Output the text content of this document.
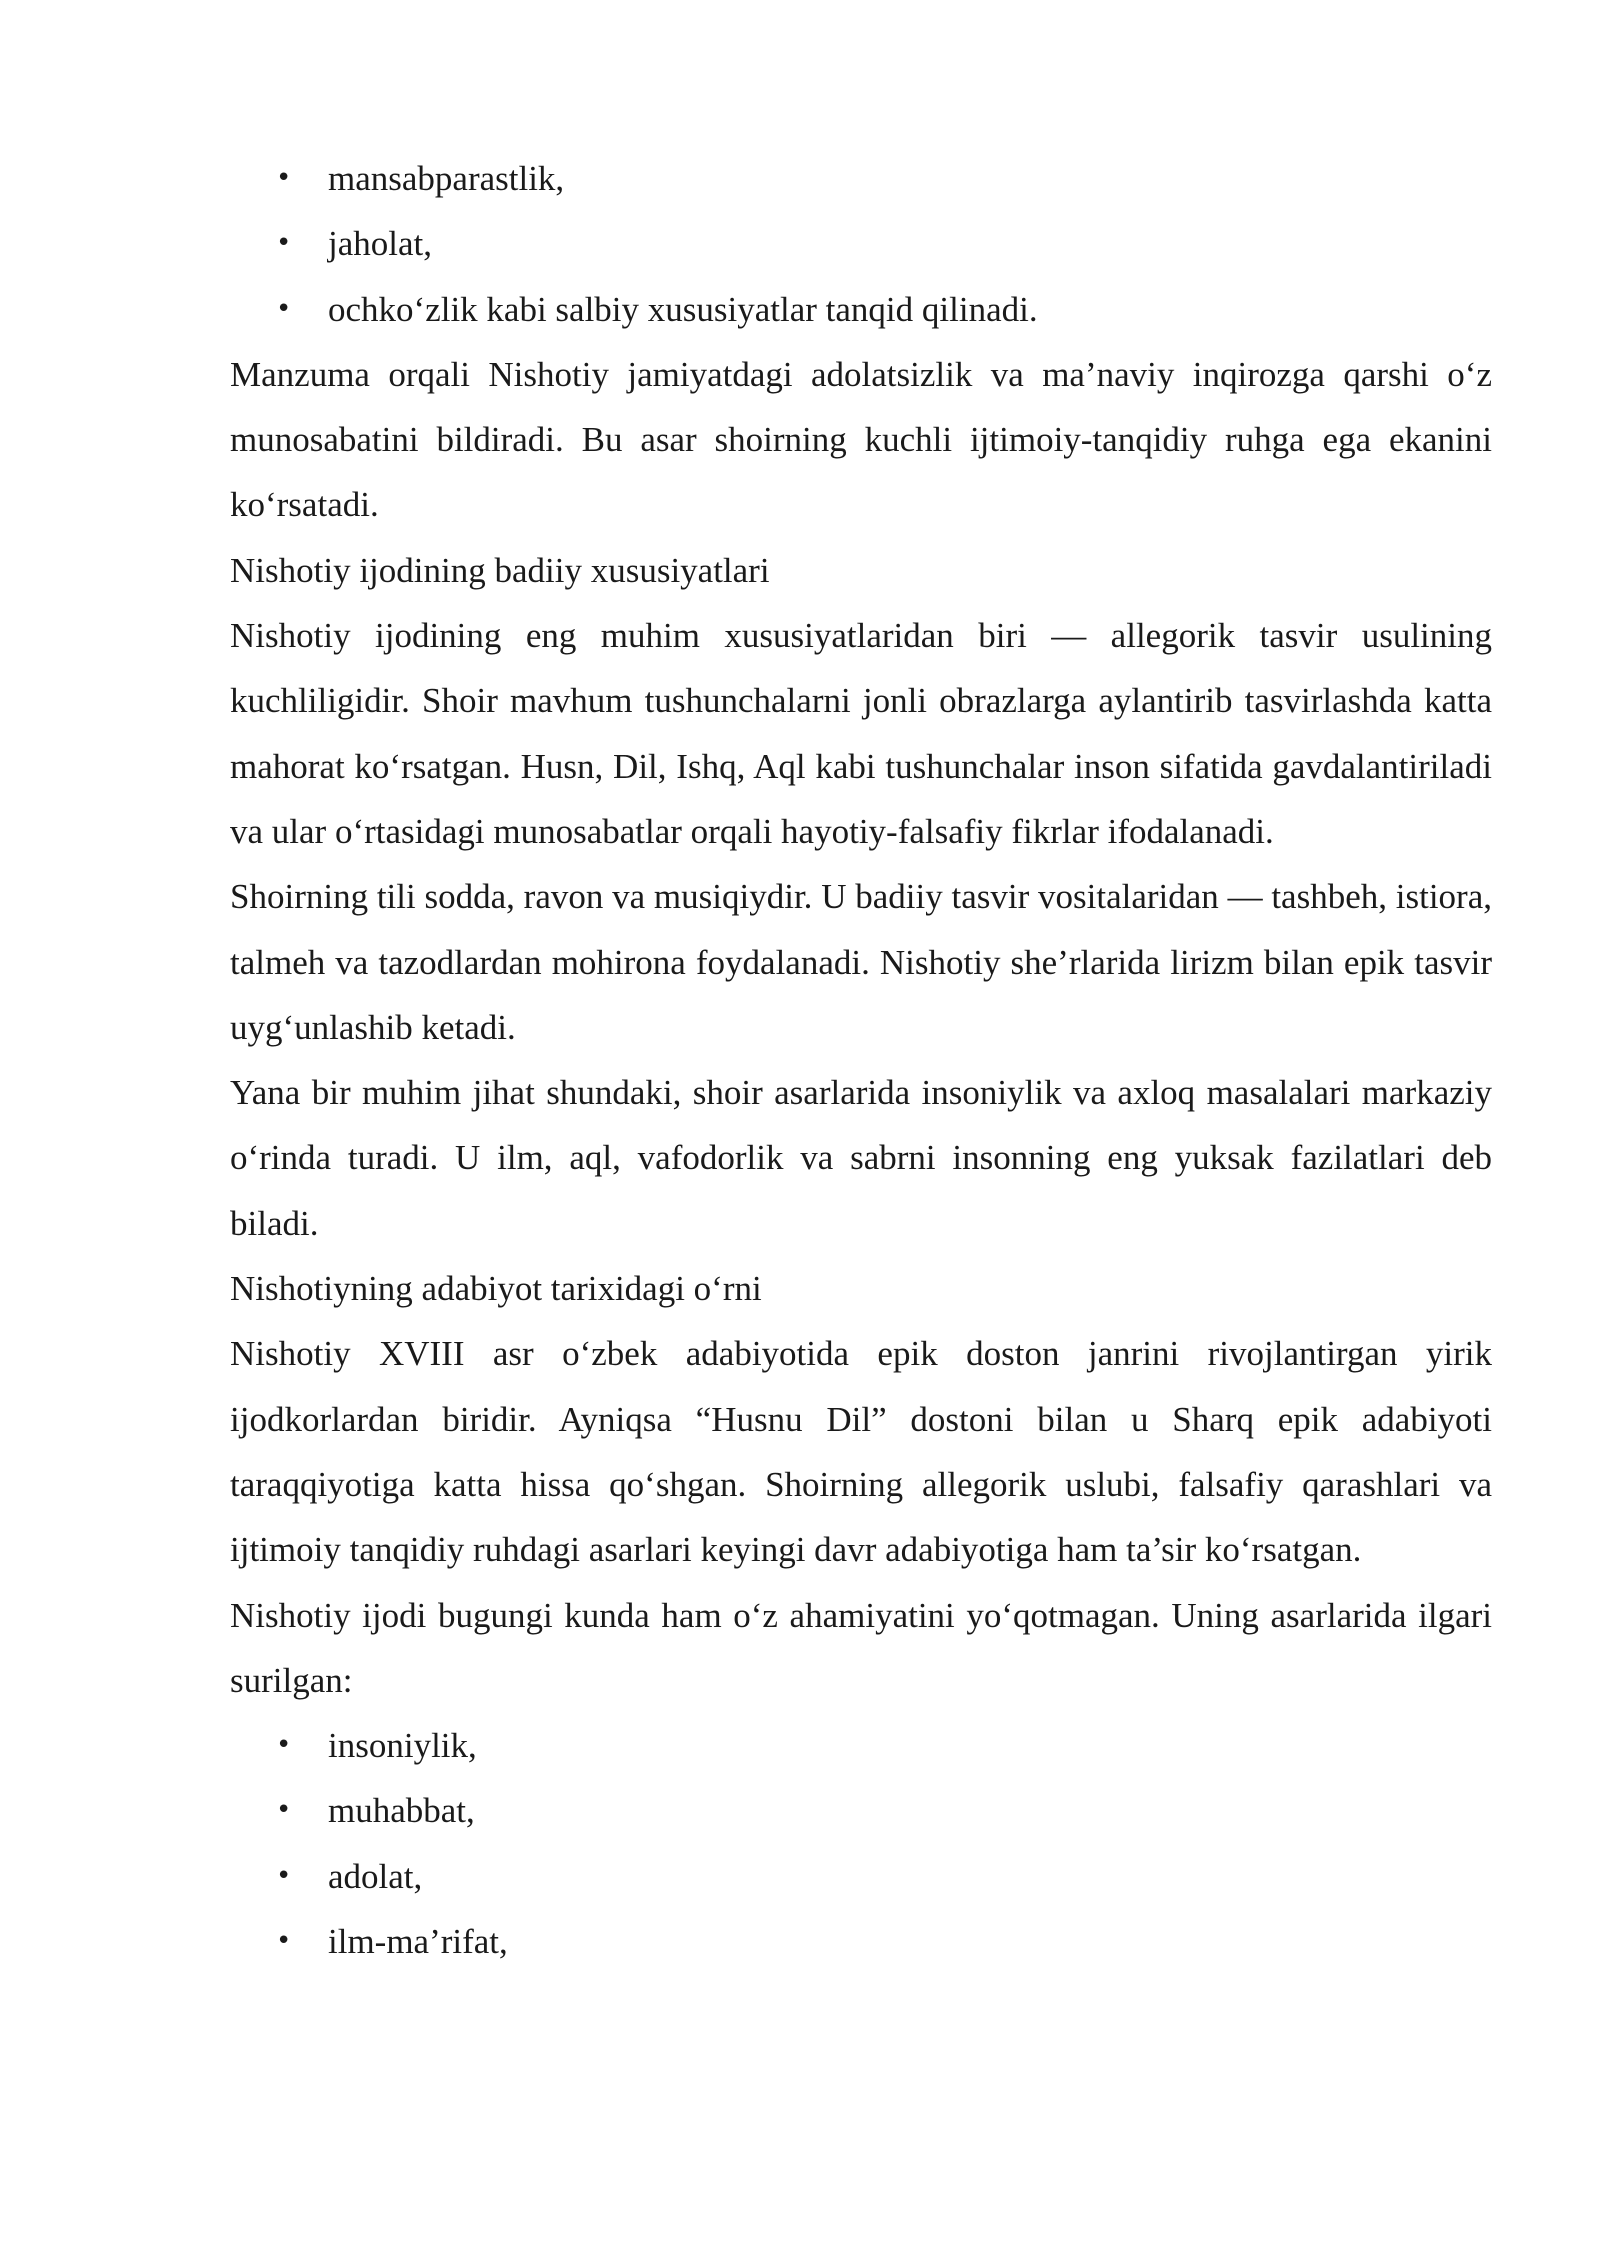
• mansabparastlik,
• jaholat,
• ochko‘zlik kabi salbiy xususiyatlar tanqid qilinadi.

Manzuma orqali Nishotiy jamiyatdagi adolatsizlik va ma’naviy inqirozga qarshi o‘z munosabatini bildiradi. Bu asar shoirning kuchli ijtimoiy-tanqidiy ruhga ega ekanini ko‘rsatadi.

Nishotiy ijodining badiiy xususiyatlari

Nishotiy ijodining eng muhim xususiyatlaridan biri — allegorik tasvir usulining kuchliligidir. Shoir mavhum tushunchalarni jonli obrazlarga aylantirib tasvirlashda katta mahorat ko‘rsatgan. Husn, Dil, Ishq, Aql kabi tushunchalar inson sifatida gavdalantiriladi va ular o‘rtasidagi munosabatlar orqali hayotiy-falsafiy fikrlar ifodalanadi.

Shoirning tili sodda, ravon va musiqiydir. U badiiy tasvir vositalaridan — tashbeh, istiora, talmeh va tazodlardan mohirona foydalanadi. Nishotiy she’rlarida lirizm bilan epik tasvir uyg‘unlashib ketadi.

Yana bir muhim jihat shundaki, shoir asarlarida insoniylik va axloq masalalari markaziy o‘rinda turadi. U ilm, aql, vafodorlik va sabrni insonning eng yuksak fazilatlari deb biladi.

Nishotiyning adabiyot tarixidagi o‘rni

Nishotiy XVIII asr o‘zbek adabiyotida epik doston janrini rivojlantirgan yirik ijodkorlardan biridir. Ayniqsa “Husnu Dil” dostoni bilan u Sharq epik adabiyoti taraqqiyotiga katta hissa qo‘shgan. Shoirning allegorik uslubi, falsafiy qarashlari va ijtimoiy tanqidiy ruhdagi asarlari keyingi davr adabiyotiga ham ta’sir ko‘rsatgan.

Nishotiy ijodi bugungi kunda ham o‘z ahamiyatini yo‘qotmagan. Uning asarlarida ilgari surilgan:

• insoniylik,
• muhabbat,
• adolat,
• ilm-ma’rifat,
